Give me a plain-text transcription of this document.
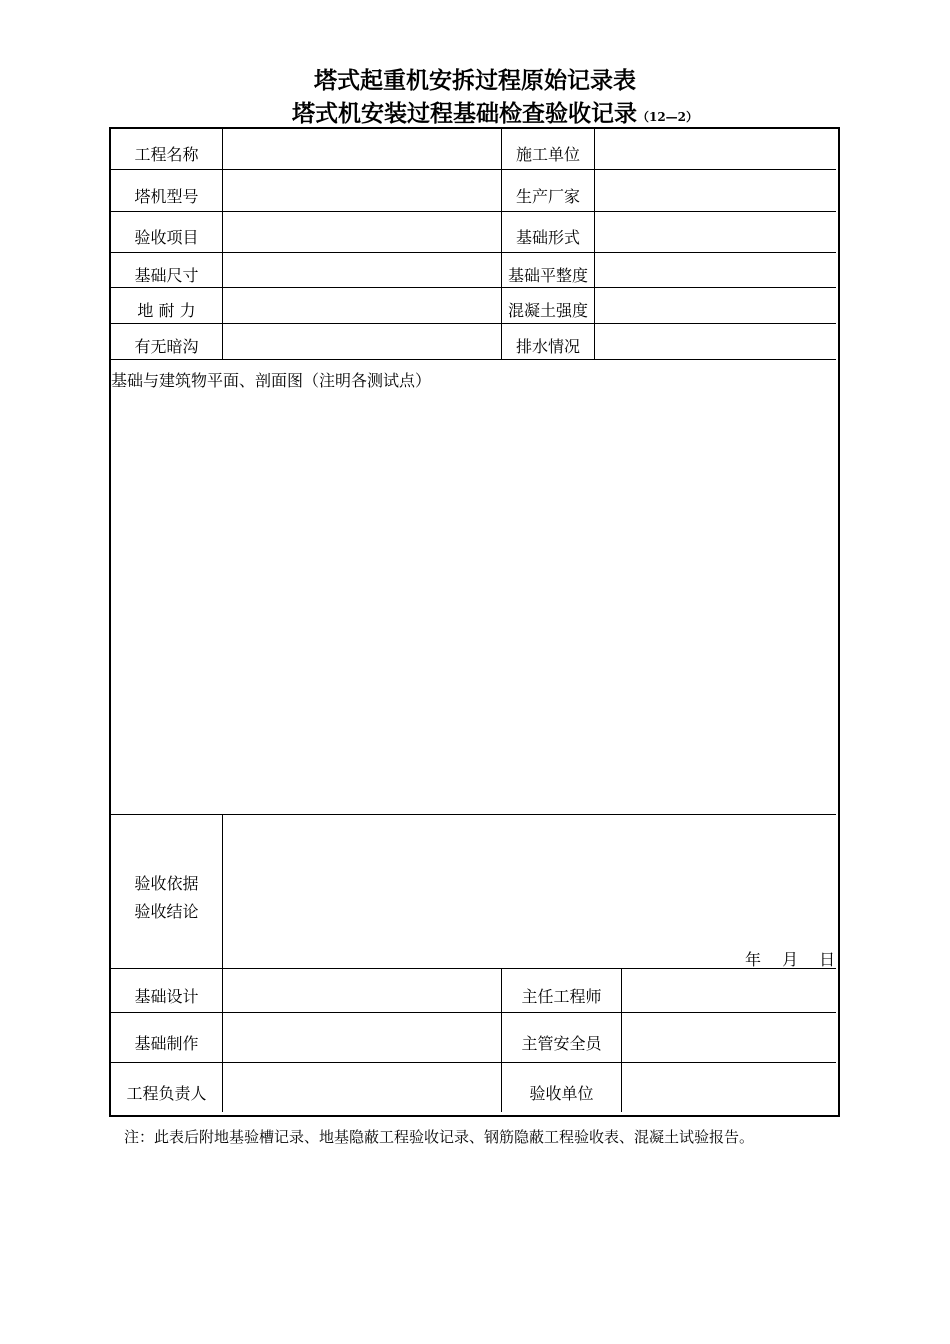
塔式起重机安拆过程原始记录表
塔式机安装过程基础检查验收记录（12—2）
工程名称	施工单位
塔机型号	生产厂家
验收项目	基础形式
基础尺寸	基础平整度
地 耐 力	混凝土强度
有无暗沟	排水情况
基础与建筑物平面、剖面图（注明各测试点）
验收依据
验收结论
年　 月　 日
基础设计	主任工程师
基础制作	主管安全员
工程负责人	验收单位
注：此表后附地基验槽记录、地基隐蔽工程验收记录、钢筋隐蔽工程验收表、混凝土试验报告。
